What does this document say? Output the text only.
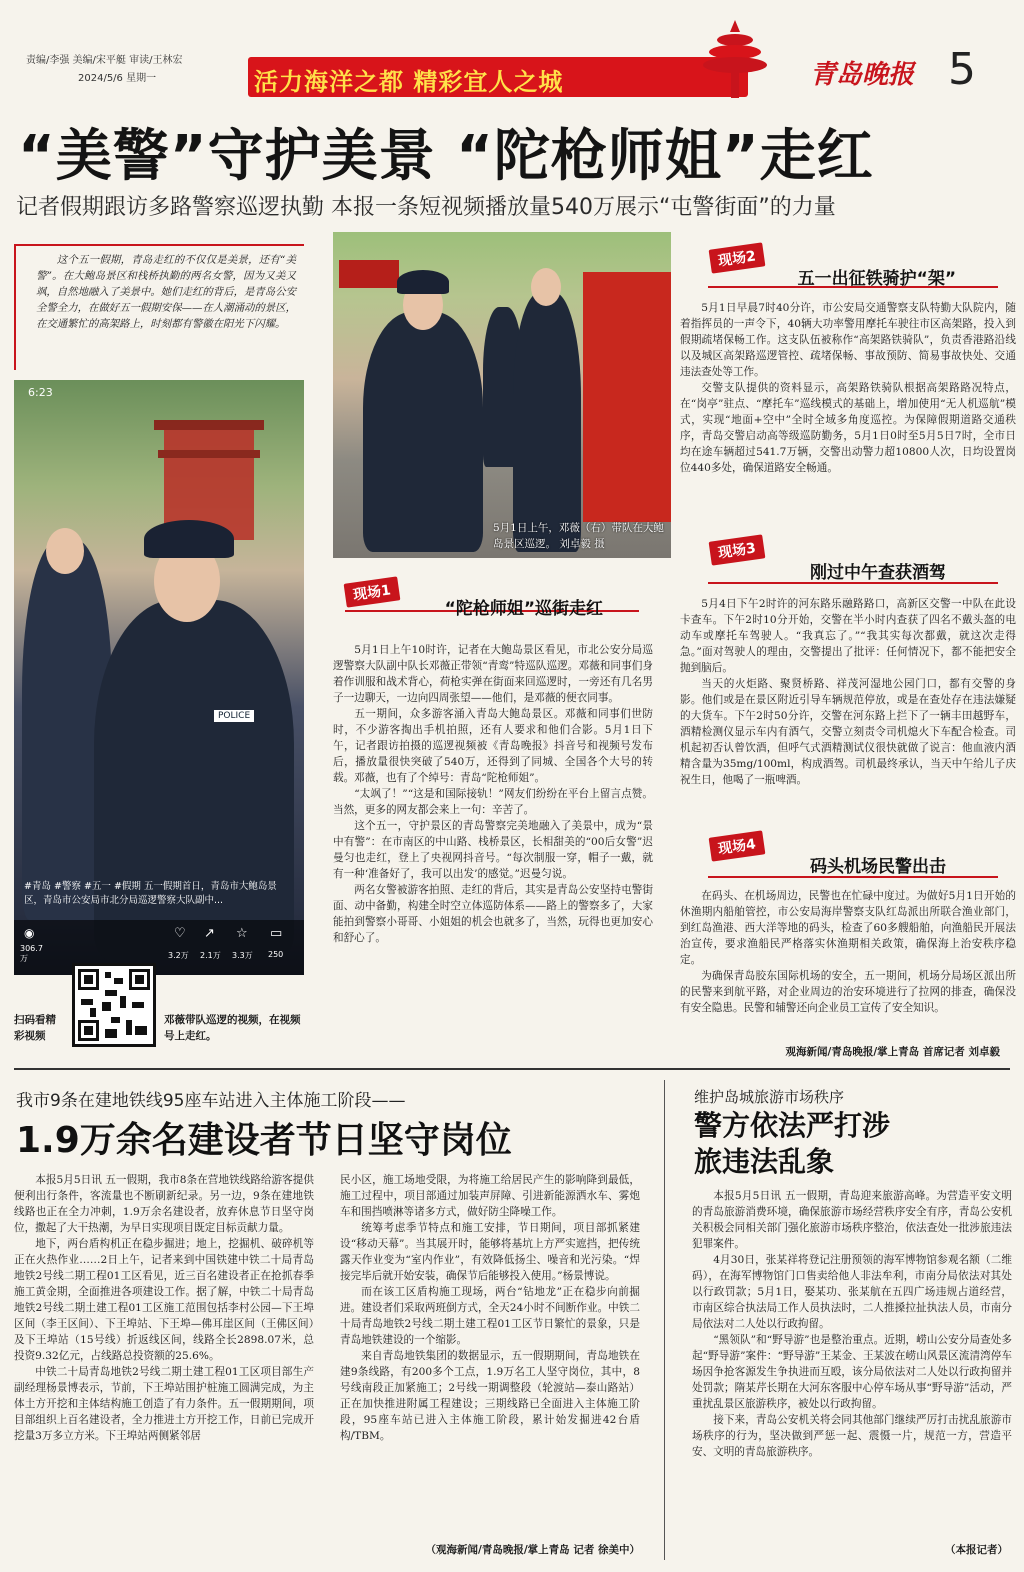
责编/李强 美编/宋平艇 审读/王林宏
2024/5/6 星期一	活力海洋之都 精彩宜人之城	青岛晚报 5
“美警”守护美景 “陀枪师姐”走红
记者假期跟访多路警察巡逻执勤 本报一条短视频播放量540万展示“屯警街面”的力量

这个五一假期，青岛走红的不仅仅是美景，还有“美警”。在大鲍岛景区和栈桥执勤的两名女警，因为又美又飒，自然地融入了美景中。她们走红的背后，是青岛公安全警全力，在做好五一假期安保——在人潮涌动的景区，在交通繁忙的高架路上，时刻都有警徽在阳光下闪耀。

6:23
POLICE
#青岛 #警察 #五一 #假期 五一假期首日，青岛市大鲍岛景区，青岛市公安局市北分局巡逻警察大队副中...
◉
306.7万
♡
3.2万
↗
2.1万
☆
3.3万
▭
250
扫码看精彩视频
邓薇带队巡逻的视频，在视频号上走红。
5月1日上午，邓薇（右）带队在大鲍岛景区巡逻。 刘卓毅 摄
现场1
“陀枪师姐”巡街走红

5月1日上午10时许，记者在大鲍岛景区看见，市北公安分局巡逻警察大队副中队长邓薇正带领“青鸾”特巡队巡逻。邓薇和同事们身着作训服和战术背心，荷枪实弹在街面来回巡逻时，一旁还有几名男子一边聊天，一边向四周张望——他们，是邓薇的便衣同事。

五一期间，众多游客涌入青岛大鲍岛景区。邓薇和同事们世防时，不少游客掏出手机拍照，还有人要求和他们合影。5月1日下午，记者跟访拍摄的巡逻视频被《青岛晚报》抖音号和视频号发布后，播放量很快突破了540万，还得到了同城、全国各个大号的转载。邓薇，也有了个绰号：青岛“陀枪师姐”。

“太飒了！”“这是和国际接轨！”网友们纷纷在平台上留言点赞。当然，更多的网友都会来上一句：辛苦了。

这个五一，守护景区的青岛警察完美地融入了美景中，成为“景中有警”：在市南区的中山路、栈桥景区，长相甜美的“00后女警”迟曼匀也走红，登上了央视网抖音号。“每次制服一穿，帽子一戴，就有一种‘准备好了，我可以出发’的感觉。”迟曼匀说。

两名女警被游客拍照、走红的背后，其实是青岛公安坚持屯警街面、动中备勤，构建全时空立体巡防体系——路上的警察多了，大家能拍到警察小哥哥、小姐姐的机会也就多了，当然，玩得也更加安心和舒心了。

现场2
五一出征铁骑护“架”

5月1日早晨7时40分许，市公安局交通警察支队特勤大队院内，随着指挥员的一声令下，40辆大功率警用摩托车驶往市区高架路，投入到假期疏堵保畅工作。这支队伍被称作“高架路铁骑队”，负责香港路沿线以及城区高架路巡逻管控、疏堵保畅、事故预防、简易事故快处、交通违法查处等工作。

交警支队提供的资料显示，高架路铁骑队根据高架路路况特点，在“岗亭”驻点、“摩托车”巡线模式的基础上，增加使用“无人机巡航”模式，实现“地面+空中”全时全域多角度巡控。为保障假期道路交通秩序，青岛交警启动高等级巡防勤务，5月1日0时至5月5日7时，全市日均在途车辆超过541.7万辆，交警出动警力超10800人次，日均设置岗位440多处，确保道路安全畅通。

现场3
刚过中午查获酒驾

5月4日下午2时许的河东路乐融路路口，高新区交警一中队在此设卡查车。下午2时10分开始，交警在半小时内查获了四名不戴头盔的电动车或摩托车驾驶人。“我真忘了。”“我其实每次都戴，就这次走得急。”面对驾驶人的理由，交警提出了批评：任何情况下，都不能把安全抛到脑后。

当天的火炬路、聚贤桥路、祥茂河湿地公园门口，都有交警的身影。他们或是在景区附近引导车辆规范停放，或是在查处存在违法嫌疑的大货车。下午2时50分许，交警在河东路上拦下了一辆丰田越野车，酒精检测仪显示车内有酒气，交警立刻责令司机熄火下车配合检查。司机起初否认曾饮酒，但呼气式酒精测试仪很快就做了说言：他血液内酒精含量为35mg/100ml，构成酒驾。司机最终承认，当天中午给儿子庆祝生日，他喝了一瓶啤酒。

现场4
码头机场民警出击

在码头、在机场周边，民警也在忙碌中度过。为做好5月1日开始的休渔期内船舶管控，市公安局海岸警察支队红岛派出所联合渔业部门，到红岛渔港、西大洋等地的码头，检查了60多艘船舶，向渔船民开展法治宣传，要求渔船民严格落实休渔期相关政策，确保海上治安秩序稳定。

为确保青岛胶东国际机场的安全，五一期间，机场分局场区派出所的民警来到航平路，对企业周边的治安环境进行了拉网的排查，确保没有安全隐患。民警和辅警还向企业员工宣传了安全知识。

观海新闻/青岛晚报/掌上青岛 首席记者 刘卓毅
我市9条在建地铁线95座车站进入主体施工阶段——
1.9万余名建设者节日坚守岗位

本报5月5日讯 五一假期，我市8条在营地铁线路给游客提供便利出行条件，客流量也不断刷新纪录。另一边，9条在建地铁线路也正在全力冲刺，1.9万余名建设者，放弃休息节日坚守岗位，撒起了大干热潮，为早日实现项目既定目标贡献力量。

地下，两台盾构机正在稳步掘进；地上，挖掘机、破碎机等正在火热作业……2日上午，记者来到中国铁建中铁二十局青岛地铁2号线二期工程01工区看见，近三百名建设者正在抢抓春季施工黄金期，全面推进各项建设工作。据了解，中铁二十局青岛地铁2号线二期土建工程01工区施工范围包括李村公园—下王埠区间（李王区间）、下王埠站、下王埠—佛耳崖区间（王佛区间）及下王埠站（15号线）折返线区间，线路全长2898.07米，总投资9.32亿元，占线路总投资额的25.6%。

中铁二十局青岛地铁2号线二期土建工程01工区项目部生产副经理杨景博表示，节前，下王埠站围护桩施工圆满完成，为主体土方开挖和主体结构施工创造了有力条件。五一假期期间，项目部组织上百名建设者，全力推进土方开挖工作，日前已完成开挖量3万多立方米。下王埠站两侧紧邻居

民小区，施工场地受限，为将施工给居民产生的影响降到最低，施工过程中，项目部通过加装声屏障、引进新能源洒水车、雾炮车和围挡喷淋等诸多方式，做好防尘降噪工作。

统筹考虑季节特点和施工安排，节日期间，项目部抓紧建设“移动天幕”。当其展开时，能够将基坑上方严实遮挡，把传统露天作业变为“室内作业”，有效降低扬尘、噪音和光污染。“焊接完毕后就开始安装，确保节后能够投入使用。”杨景博说。

而在该工区盾构施工现场，两台“钻地龙”正在稳步向前掘进。建设者们采取两班倒方式，全天24小时不间断作业。中铁二十局青岛地铁2号线二期土建工程01工区节日繁忙的景象，只是青岛地铁建设的一个缩影。

来自青岛地铁集团的数据显示，五一假期期间，青岛地铁在建9条线路，有200多个工点，1.9万名工人坚守岗位，其中，8号线南段正加紧施工；2号线一期调整段（轮渡站—泰山路站）正在加快推进附属工程建设；三期线路已全面进入主体施工阶段，95座车站已进入主体施工阶段，累计始发掘进42台盾构/TBM。

（观海新闻/青岛晚报/掌上青岛 记者 徐美中）
维护岛城旅游市场秩序
警方依法严打涉旅违法乱象

本报5月5日讯 五一假期，青岛迎来旅游高峰。为营造平安文明的青岛旅游消费环境，确保旅游市场经营秩序安全有序，青岛公安机关积极会同相关部门强化旅游市场秩序整治，依法查处一批涉旅违法犯罪案件。

4月30日，张某祥将登记注册预领的海军博物馆参观名额（二维码），在海军博物馆门口售卖给他人非法牟利，市南分局依法对其处以行政罚款；5月1日，娶某功、张某航在五四广场违规占道经营，市南区综合执法局工作人员执法时，二人推搡拉扯执法人员，市南分局依法对二人处以行政拘留。

“黑领队”和“野导游”也是整治重点。近期，崂山公安分局查处多起“野导游”案件：“野导游”王某金、王某波在崂山风景区流清湾停车场因争抢客源发生争执进而互殴，该分局依法对二人处以行政拘留并处罚款；隋某芹长期在大河东客服中心停车场从事“野导游”活动，严重扰乱景区旅游秩序，被处以行政拘留。

接下来，青岛公安机关将会同其他部门继续严厉打击扰乱旅游市场秩序的行为，坚决做到严惩一起、震慑一片，规范一方，营造平安、文明的青岛旅游秩序。

（本报记者）
